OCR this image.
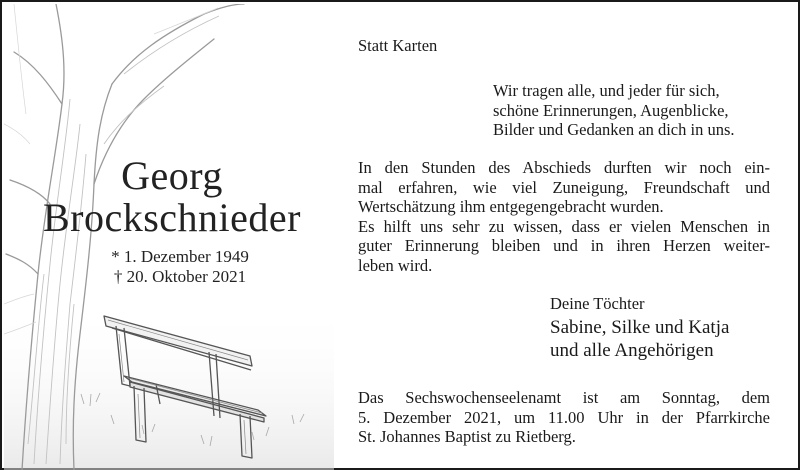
Georg
Brockschnieder
* 1. Dezember 1949
† 20. Oktober 2021
Statt Karten
Wir tragen alle, und jeder für sich,
schöne Erinnerungen, Augenblicke,
Bilder und Gedanken an dich in uns.
In den Stunden des Abschieds durften wir noch ein-
mal erfahren, wie viel Zuneigung, Freundschaft und
Wertschätzung ihm entgegengebracht wurden.
Es hilft uns sehr zu wissen, dass er vielen Menschen in
guter Erinnerung bleiben und in ihren Herzen weiter-
leben wird.
Deine Töchter
Sabine, Silke und Katja
und alle Angehörigen
Das Sechswochenseelenamt ist am Sonntag, dem
5. Dezember 2021, um 11.00 Uhr in der Pfarrkirche
St. Johannes Baptist zu Rietberg.
